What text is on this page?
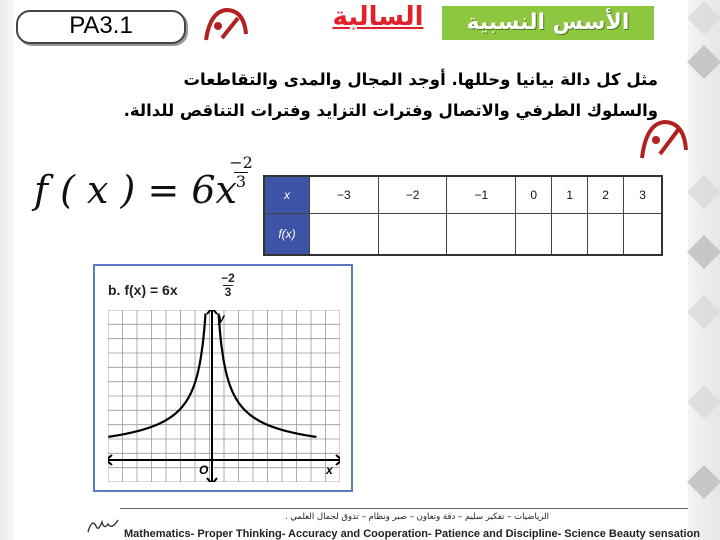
PA3.1	الأسس النسبية
السالبة
مثل كل دالة بيانيا وحللها. أوجد المجال والمدى والتقاطعات والسلوك الطرفي والاتصال وفترات التزايد وفترات التناقص للدالة.
f ( x ) = 6x
−2
3
x	−3	−2	−1	0	1	2	3
f(x)							
b. f(x) = 6x
−2
3
y
x
O
الرياضيات – تفكير سليم – دقة وتعاون – صبر ونظام – تذوق لجمال العلمي .
Mathematics- Proper Thinking- Accuracy and Cooperation- Patience and Discipline- Science Beauty sensation
